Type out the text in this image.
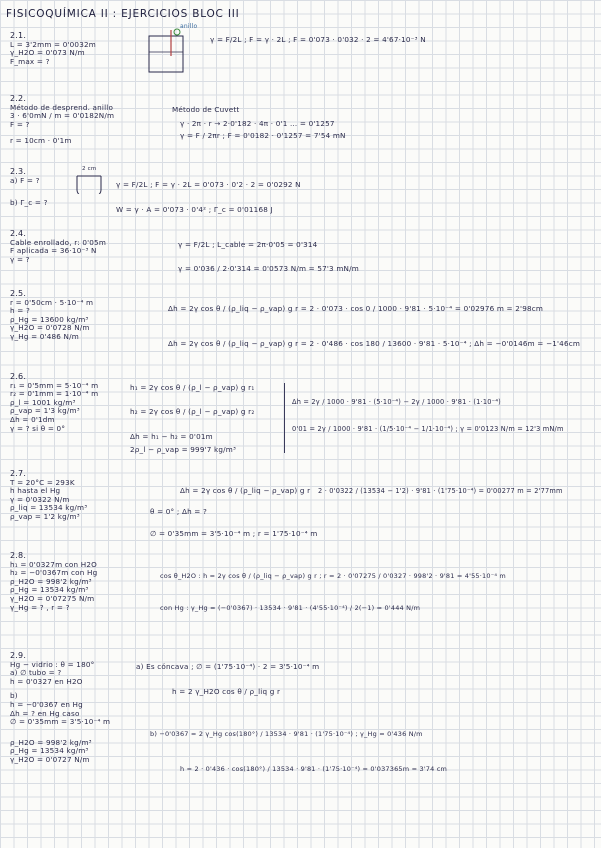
FISICOQUÍMICA II : EJERCICIOS BLOC III
2.1.
L = 3'2mm = 0'0032m
γ_H2O = 0'073 N/m
F_max = ?
anillo
γ = F/2L ; F = γ · 2L ; F = 0'073 · 0'032 · 2 = 4'67·10⁻³ N
2.2.
Método de desprend. anillo
3 · 6'0mN / m = 0'0182N/m
F = ?
r = 10cm · 0'1m
Método de Cuvett
γ · 2π · r → 2·0'182 · 4π · 0'1 ... = 0'1257
γ = F / 2πr ; F = 0'0182 · 0'1257 = 7'54 mN
2.3.
a) F = ?
b) Γ_c = ?
2 cm
γ = F/2L ; F = γ · 2L = 0'073 · 0'2 · 2 = 0'0292 N
W = γ · A = 0'073 · 0'4² ; Γ_c = 0'01168 J
2.4.
Cable enrollado, r: 0'05m
F aplicada = 36·10⁻³ N
γ = ?
γ = F/2L ; L_cable = 2π·0'05 = 0'314
γ = 0'036 / 2·0'314 = 0'0573 N/m = 57'3 mN/m
2.5.
r = 0'50cm · 5·10⁻⁴ m
h = ?
ρ_Hg = 13600 kg/m³
γ_H2O = 0'0728 N/m
γ_Hg = 0'486 N/m
Δh = 2γ cos θ / (ρ_liq − ρ_vap) g r = 2 · 0'073 · cos 0 / 1000 · 9'81 · 5·10⁻⁴ = 0'02976 m = 2'98cm
Δh = 2γ cos θ / (ρ_liq − ρ_vap) g r = 2 · 0'486 · cos 180 / 13600 · 9'81 · 5·10⁻⁴ ; Δh = −0'0146m = −1'46cm
2.6.
r₁ = 0'5mm = 5·10⁻⁴ m
r₂ = 0'1mm = 1·10⁻⁴ m
ρ_l = 1001 kg/m³
ρ_vap = 1'3 kg/m³
Δh = 0'1dm
γ = ? si θ = 0°
h₁ = 2γ cos θ / (ρ_l − ρ_vap) g r₁
h₂ = 2γ cos θ / (ρ_l − ρ_vap) g r₂
Δh = h₁ − h₂ = 0'01m
2ρ_l − ρ_vap = 999'7 kg/m³
Δh = 2γ / 1000 · 9'81 · (5·10⁻⁴) − 2γ / 1000 · 9'81 · (1·10⁻⁴)
0'01 = 2γ / 1000 · 9'81 · (1/5·10⁻⁴ − 1/1·10⁻⁴) ; γ = 0'0123 N/m = 12'3 mN/m
2.7.
T = 20°C = 293K
h hasta el Hg
γ = 0'0322 N/m
ρ_liq = 13534 kg/m³
ρ_vap = 1'2 kg/m³
Δh = 2γ cos θ / (ρ_liq − ρ_vap) g r
θ = 0° ; Δh = ?
∅ = 0'35mm = 3'5·10⁻⁴ m ; r = 1'75·10⁻⁴ m
2 · 0'0322 / (13534 − 1'2) · 9'81 · (1'75·10⁻⁴) = 0'00277 m = 2'77mm
2.8.
h₁ = 0'0327m con H2O
h₂ = −0'0367m con Hg
ρ_H2O = 998'2 kg/m³
ρ_Hg = 13534 kg/m³
γ_H2O = 0'07275 N/m
γ_Hg = ? , r = ?
cos θ_H2O : h = 2γ cos θ / (ρ_liq − ρ_vap) g r ; r = 2 · 0'07275 / 0'0327 · 998'2 · 9'81 = 4'55·10⁻⁴ m
con Hg : γ_Hg = (−0'0367) · 13534 · 9'81 · (4'55·10⁻⁴) / 2(−1) = 0'444 N/m
2.9.
Hg − vidrio : θ = 180°
a) ∅ tubo = ?
h = 0'0327 en H2O
b)
h = −0'0367 en Hg
Δh = ? en Hg caso
∅ = 0'35mm = 3'5·10⁻⁴ m
ρ_H2O = 998'2 kg/m³
ρ_Hg = 13534 kg/m³
γ_H2O = 0'0727 N/m
a) Es cóncava ; ∅ = (1'75·10⁻⁴) · 2 = 3'5·10⁻⁴ m
h = 2 γ_H2O cos θ / ρ_liq g r
b) −0'0367 = 2 γ_Hg cos(180°) / 13534 · 9'81 · (1'75·10⁻⁴) ; γ_Hg = 0'436 N/m
h = 2 · 0'436 · cos(180°) / 13534 · 9'81 · (1'75·10⁻⁴) = 0'037365m = 3'74 cm
